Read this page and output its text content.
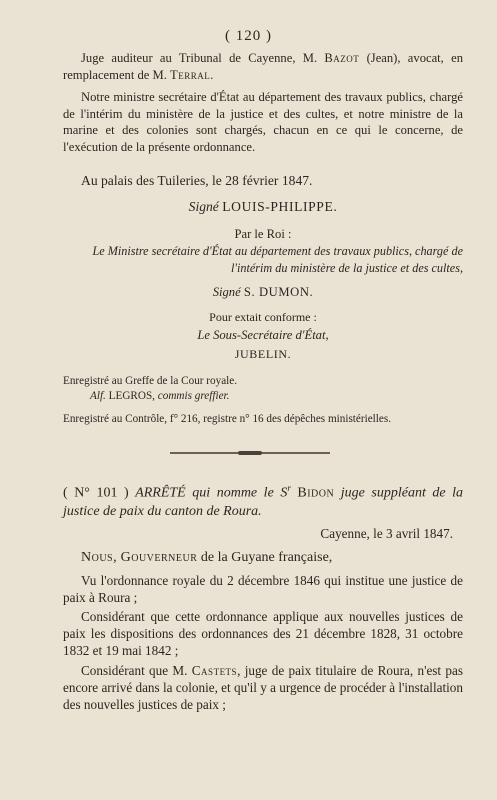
( 120 )
Juge auditeur au Tribunal de Cayenne, M. Bazot (Jean), avocat, en remplacement de M. Terral.
Notre ministre secrétaire d'État au département des travaux publics, chargé de l'intérim du ministère de la justice et des cultes, et notre ministre de la marine et des colonies sont chargés, chacun en ce qui le concerne, de l'exécution de la présente ordonnance.
Au palais des Tuileries, le 28 février 1847.
Signé LOUIS-PHILIPPE.
Par le Roi :
Le Ministre secrétaire d'État au département des travaux publics, chargé de l'intérim du ministère de la justice et des cultes,
Signé S. DUMON.
Pour extait conforme :
Le Sous-Secrétaire d'État,
JUBELIN.
Enregistré au Greffe de la Cour royale.
Alf. LEGROS, commis greffier.
Enregistré au Contrôle, f° 216, registre n° 16 des dépêches ministérielles.
( N° 101 ) ARRÊTÉ qui nomme le $S^r$ Bidon juge suppléant de la justice de paix du canton de Roura.
Cayenne, le 3 avril 1847.
Nous, Gouverneur de la Guyane française,
Vu l'ordonnance royale du 2 décembre 1846 qui institue une justice de paix à Roura ;
Considérant que cette ordonnance applique aux nouvelles justices de paix les dispositions des ordonnances des 21 décembre 1828, 31 octobre 1832 et 19 mai 1842 ;
Considérant que M. Castets, juge de paix titulaire de Roura, n'est pas encore arrivé dans la colonie, et qu'il y a urgence de procéder à l'installation des nouvelles justices de paix ;
